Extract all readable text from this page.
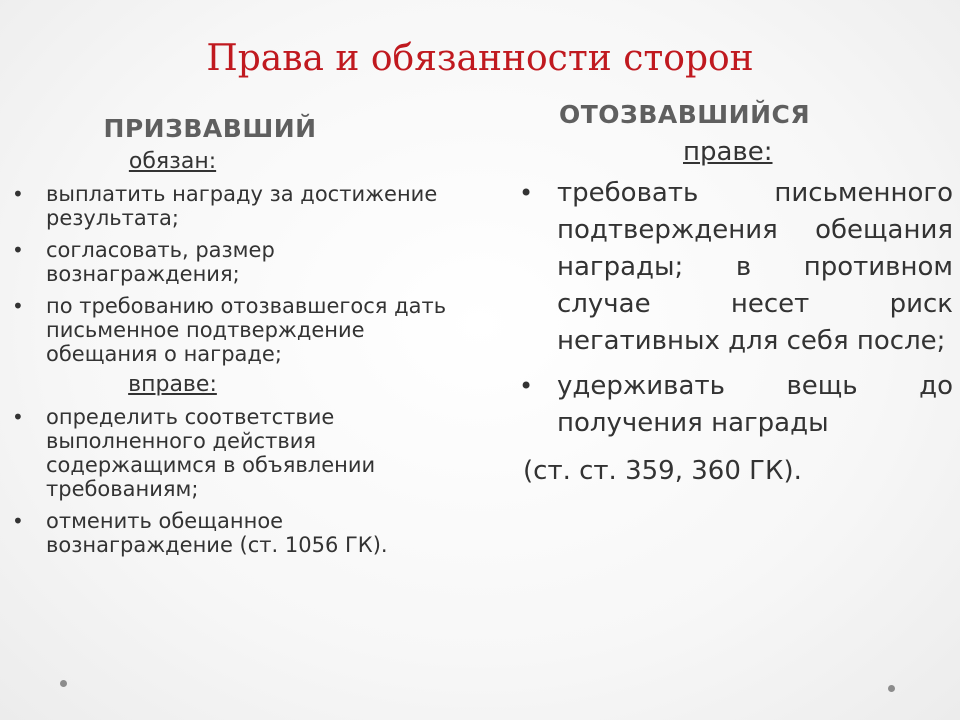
Права и обязанности сторон
ПРИЗВАВШИЙ
обязан:
• выплатить награду за достижение результата;
• согласовать, размер вознаграждения;
• по требованию отозвавшегося дать письменное подтверждение обещания о награде;
вправе:
• определить соответствие выполненного действия содержащимся в объявлении требованиям;
• отменить обещанное вознаграждение (ст. 1056 ГК).
ОТОЗВАВШИЙСЯ
праве:
• требовать письменного подтверждения обещания награды; в противном случае несет риск негативных для себя после;
• удерживать вещь до получения награды
(ст. ст. 359, 360 ГК).
